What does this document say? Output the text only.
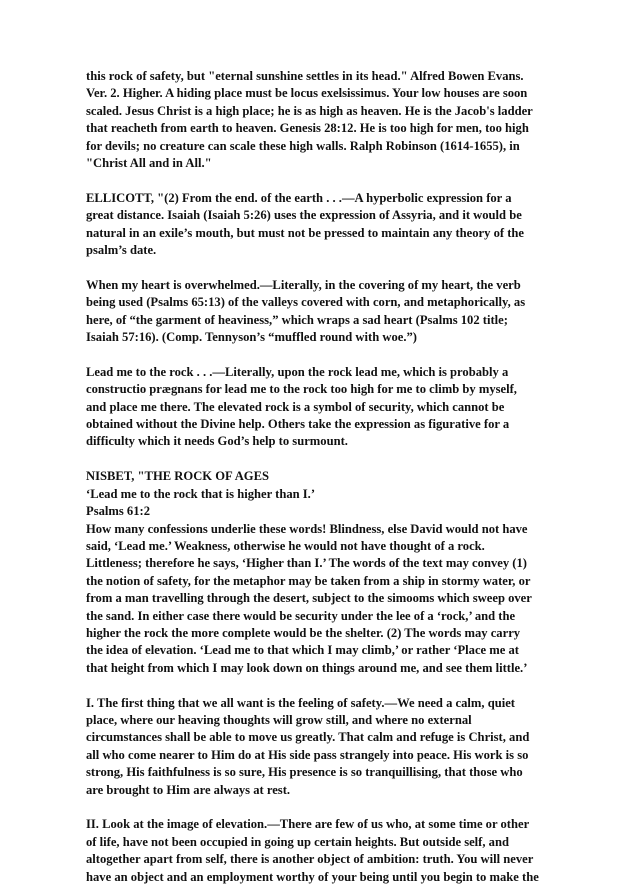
this rock of safety, but "eternal sunshine settles in its head." Alfred Bowen Evans.
Ver. 2. Higher. A hiding place must be locus exelsissimus. Your low houses are soon
scaled. Jesus Christ is a high place; he is as high as heaven. He is the Jacob's ladder
that reacheth from earth to heaven. Genesis 28:12. He is too high for men, too high
for devils; no creature can scale these high walls. Ralph Robinson (1614-1655), in
"Christ All and in All."

ELLICOTT, "(2) From the end. of the earth . . .—A hyperbolic expression for a
great distance. Isaiah (Isaiah 5:26) uses the expression of Assyria, and it would be
natural in an exile’s mouth, but must not be pressed to maintain any theory of the
psalm’s date.

When my heart is overwhelmed.—Literally, in the covering of my heart, the verb
being used (Psalms 65:13) of the valleys covered with corn, and metaphorically, as
here, of “the garment of heaviness,” which wraps a sad heart (Psalms 102 title;
Isaiah 57:16). (Comp. Tennyson’s “muffled round with woe.”)

Lead me to the rock . . .—Literally, upon the rock lead me, which is probably a
constructio prægnans for lead me to the rock too high for me to climb by myself,
and place me there. The elevated rock is a symbol of security, which cannot be
obtained without the Divine help. Others take the expression as figurative for a
difficulty which it needs God’s help to surmount.

NISBET, "THE ROCK OF AGES
‘Lead me to the rock that is higher than I.’
Psalms 61:2
How many confessions underlie these words! Blindness, else David would not have
said, ‘Lead me.’ Weakness, otherwise he would not have thought of a rock.
Littleness; therefore he says, ‘Higher than I.’ The words of the text may convey (1)
the notion of safety, for the metaphor may be taken from a ship in stormy water, or
from a man travelling through the desert, subject to the simooms which sweep over
the sand. In either case there would be security under the lee of a ‘rock,’ and the
higher the rock the more complete would be the shelter. (2) The words may carry
the idea of elevation. ‘Lead me to that which I may climb,’ or rather ‘Place me at
that height from which I may look down on things around me, and see them little.’

I. The first thing that we all want is the feeling of safety.—We need a calm, quiet
place, where our heaving thoughts will grow still, and where no external
circumstances shall be able to move us greatly. That calm and refuge is Christ, and
all who come nearer to Him do at His side pass strangely into peace. His work is so
strong, His faithfulness is so sure, His presence is so tranquillising, that those who
are brought to Him are always at rest.

II. Look at the image of elevation.—There are few of us who, at some time or other
of life, have not been occupied in going up certain heights. But outside self, and
altogether apart from self, there is another object of ambition: truth. You will never
have an object and an employment worthy of your being until you begin to make the
